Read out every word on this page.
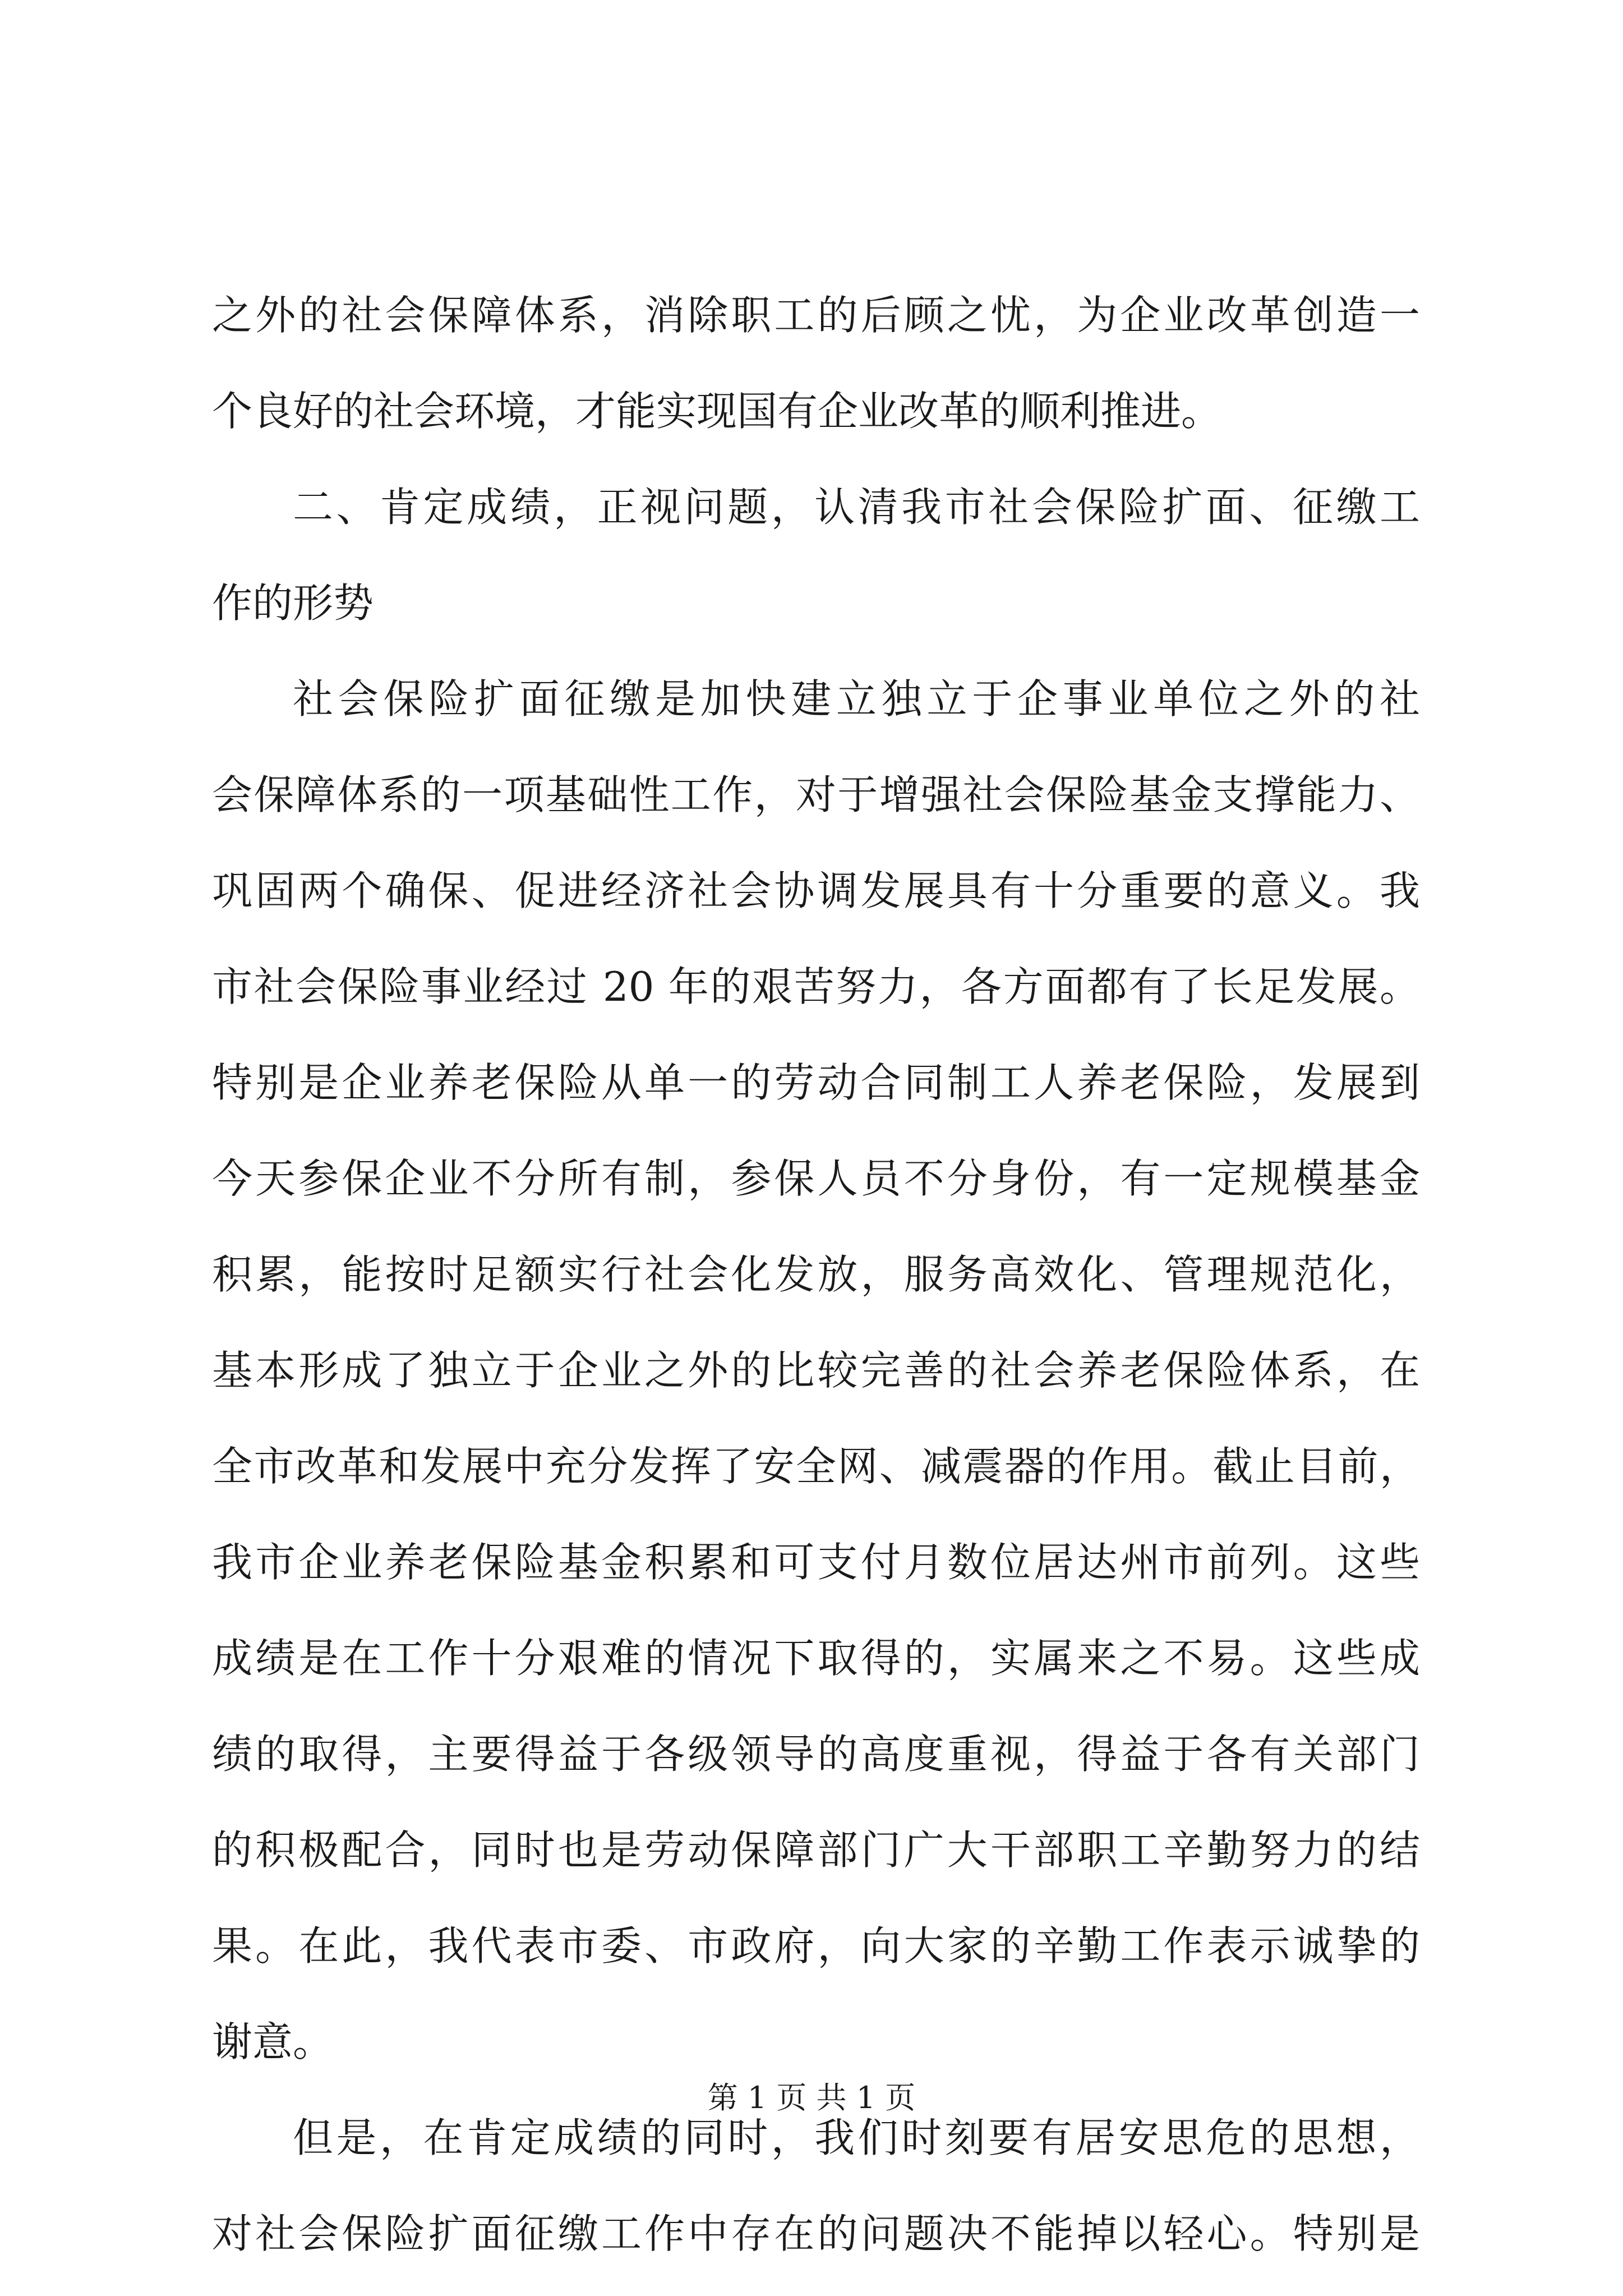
之外的社会保障体系，消除职工的后顾之忧，为企业改革创造一
个良好的社会环境，才能实现国有企业改革的顺利推进。
二、肯定成绩，正视问题，认清我市社会保险扩面、征缴工
作的形势
社会保险扩面征缴是加快建立独立于企事业单位之外的社
会保障体系的一项基础性工作，对于增强社会保险基金支撑能力、
巩固两个确保、促进经济社会协调发展具有十分重要的意义。我
市社会保险事业经过 20 年的艰苦努力，各方面都有了长足发展。
特别是企业养老保险从单一的劳动合同制工人养老保险，发展到
今天参保企业不分所有制，参保人员不分身份，有一定规模基金
积累，能按时足额实行社会化发放，服务高效化、管理规范化，
基本形成了独立于企业之外的比较完善的社会养老保险体系，在
全市改革和发展中充分发挥了安全网、减震器的作用。截止目前，
我市企业养老保险基金积累和可支付月数位居达州市前列。这些
成绩是在工作十分艰难的情况下取得的，实属来之不易。这些成
绩的取得，主要得益于各级领导的高度重视，得益于各有关部门
的积极配合，同时也是劳动保障部门广大干部职工辛勤努力的结
果。在此，我代表市委、市政府，向大家的辛勤工作表示诚挚的
谢意。
但是，在肯定成绩的同时，我们时刻要有居安思危的思想，
对社会保险扩面征缴工作中存在的问题决不能掉以轻心。特别是
第 1 页 共 1 页
